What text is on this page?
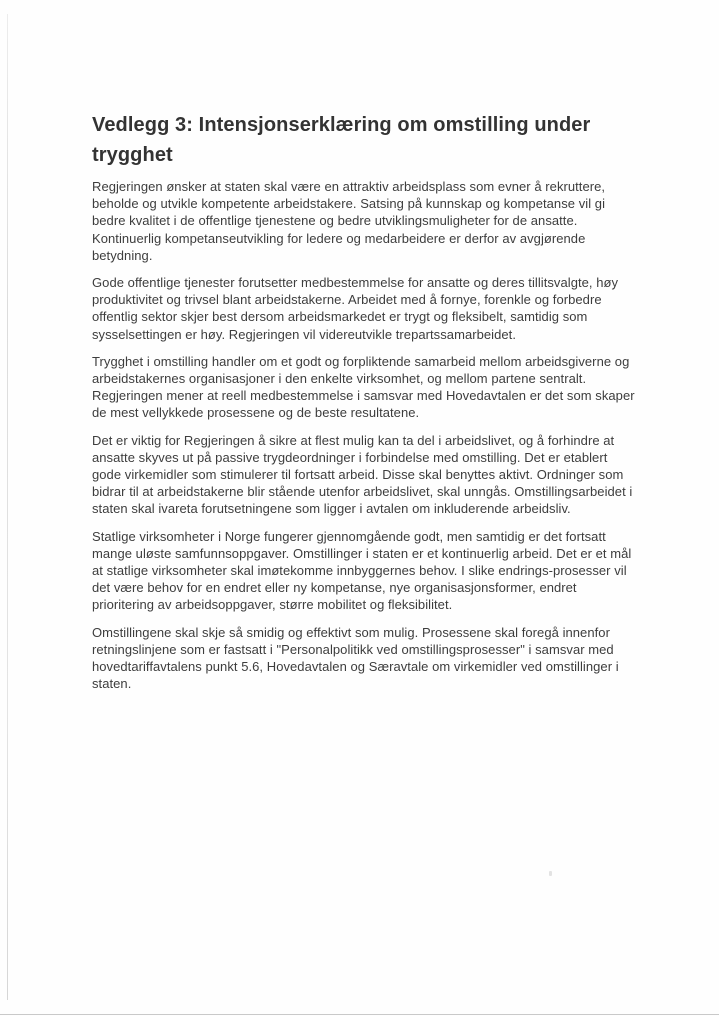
Vedlegg 3: Intensjonserklæring om omstilling under trygghet

Regjeringen ønsker at staten skal være en attraktiv arbeidsplass som evner å rekruttere, beholde og utvikle kompetente arbeidstakere. Satsing på kunnskap og kompetanse vil gi bedre kvalitet i de offentlige tjenestene og bedre utviklingsmuligheter for de ansatte. Kontinuerlig kompetanseutvikling for ledere og medarbeidere er derfor av avgjørende betydning.

Gode offentlige tjenester forutsetter medbestemmelse for ansatte og deres tillitsvalgte, høy produktivitet og trivsel blant arbeidstakerne. Arbeidet med å fornye, forenkle og forbedre offentlig sektor skjer best dersom arbeidsmarkedet er trygt og fleksibelt, samtidig som sysselsettingen er høy. Regjeringen vil videreutvikle trepartssamarbeidet.

Trygghet i omstilling handler om et godt og forpliktende samarbeid mellom arbeidsgiverne og arbeidstakernes organisasjoner i den enkelte virksomhet, og mellom partene sentralt. Regjeringen mener at reell medbestemmelse i samsvar med Hovedavtalen er det som skaper de mest vellykkede prosessene og de beste resultatene.

Det er viktig for Regjeringen å sikre at flest mulig kan ta del i arbeidslivet, og å forhindre at ansatte skyves ut på passive trygdeordninger i forbindelse med omstilling. Det er etablert gode virkemidler som stimulerer til fortsatt arbeid. Disse skal benyttes aktivt. Ordninger som bidrar til at arbeidstakerne blir stående utenfor arbeidslivet, skal unngås. Omstillingsarbeidet i staten skal ivareta forutsetningene som ligger i avtalen om inkluderende arbeidsliv.

Statlige virksomheter i Norge fungerer gjennomgående godt, men samtidig er det fortsatt mange uløste samfunnsoppgaver. Omstillinger i staten er et kontinuerlig arbeid. Det er et mål at statlige virksomheter skal imøtekomme innbyggernes behov. I slike endrings-prosesser vil det være behov for en endret eller ny kompetanse, nye organisasjonsformer, endret prioritering av arbeidsoppgaver, større mobilitet og fleksibilitet.

Omstillingene skal skje så smidig og effektivt som mulig. Prosessene skal foregå innenfor retningslinjene som er fastsatt i "Personalpolitikk ved omstillingsprosesser" i samsvar med hovedtariffavtalens punkt 5.6, Hovedavtalen og Særavtale om virkemidler ved omstillinger i staten.
